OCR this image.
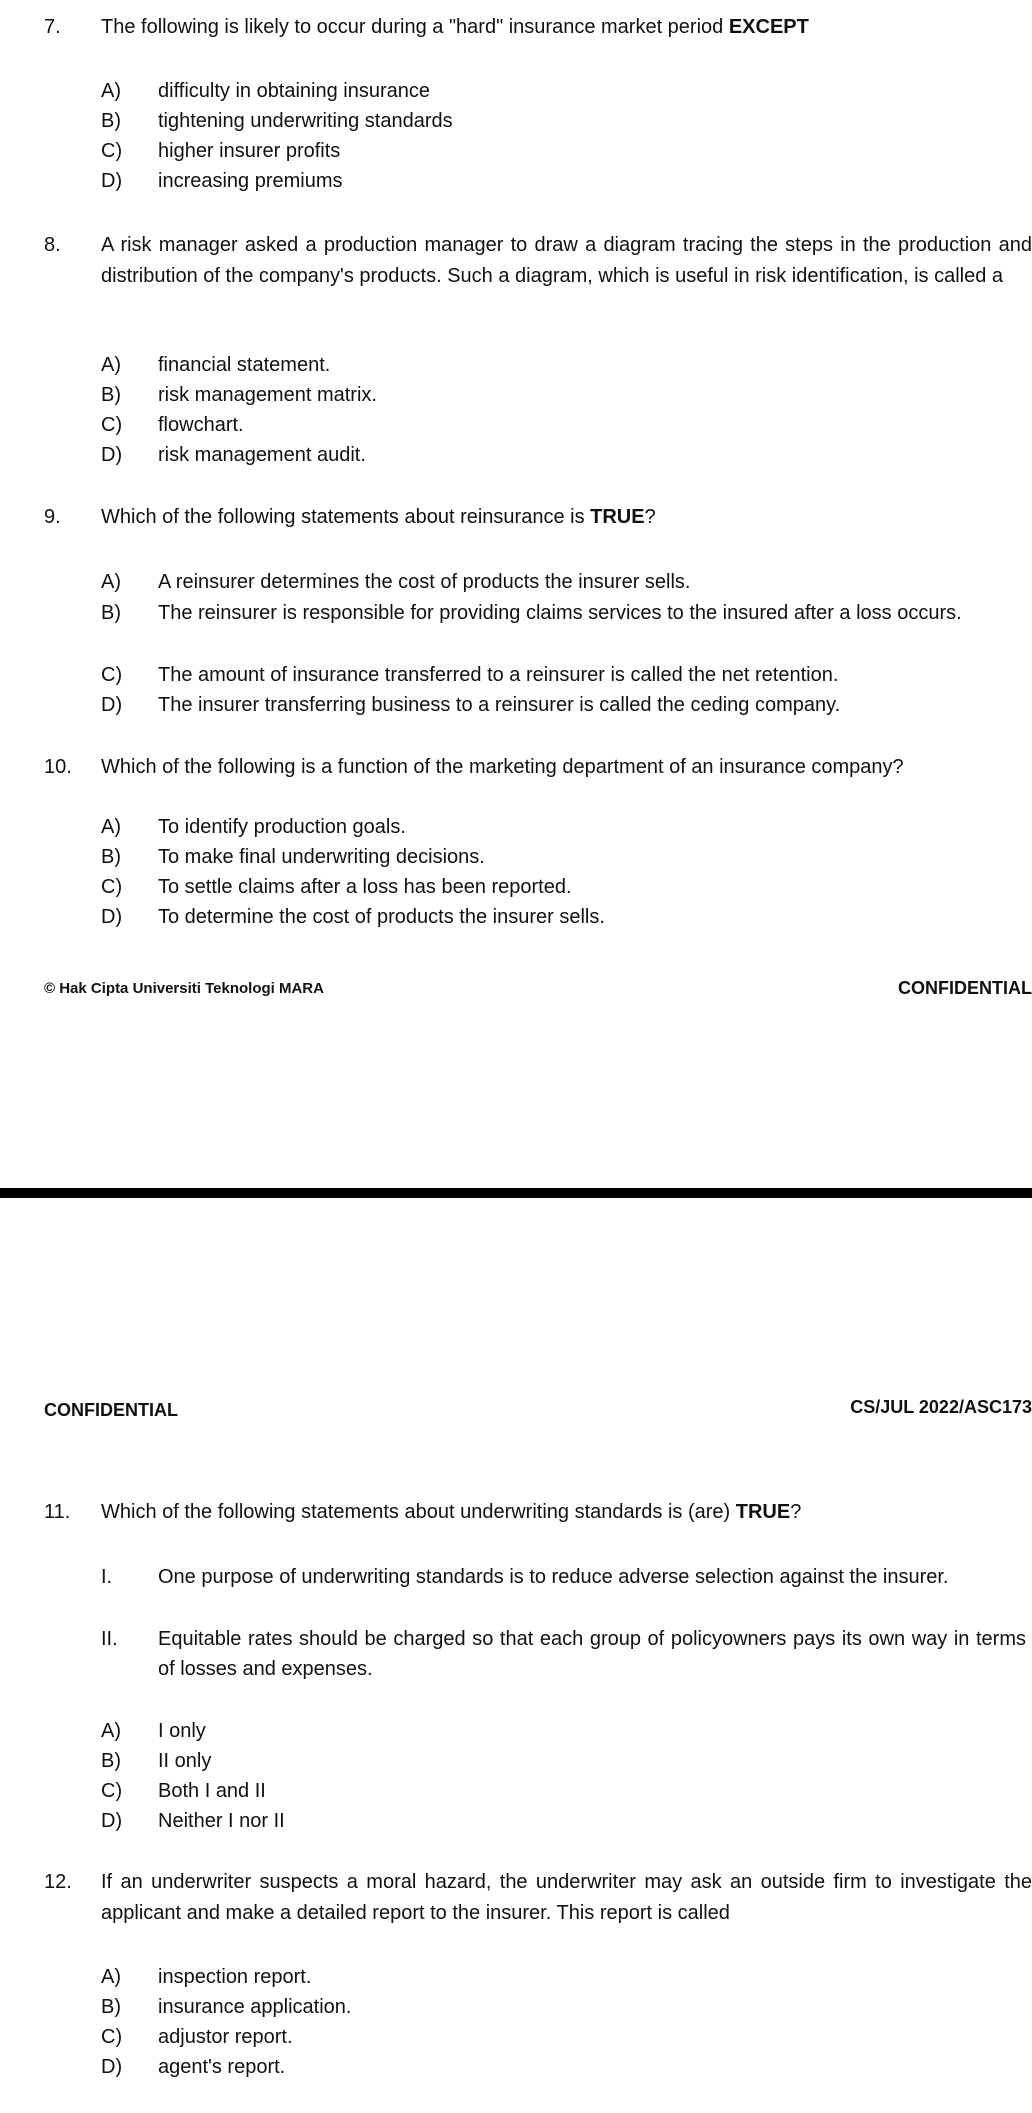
7. The following is likely to occur during a "hard" insurance market period EXCEPT
A) difficulty in obtaining insurance
B) tightening underwriting standards
C) higher insurer profits
D) increasing premiums
8. A risk manager asked a production manager to draw a diagram tracing the steps in the production and distribution of the company's products. Such a diagram, which is useful in risk identification, is called a
A) financial statement.
B) risk management matrix.
C) flowchart.
D) risk management audit.
9. Which of the following statements about reinsurance is TRUE?
A) A reinsurer determines the cost of products the insurer sells.
B) The reinsurer is responsible for providing claims services to the insured after a loss occurs.
C) The amount of insurance transferred to a reinsurer is called the net retention.
D) The insurer transferring business to a reinsurer is called the ceding company.
10. Which of the following is a function of the marketing department of an insurance company?
A) To identify production goals.
B) To make final underwriting decisions.
C) To settle claims after a loss has been reported.
D) To determine the cost of products the insurer sells.
© Hak Cipta Universiti Teknologi MARA	CONFIDENTIAL
CONFIDENTIAL	CS/JUL 2022/ASC173
11. Which of the following statements about underwriting standards is (are) TRUE?
I. One purpose of underwriting standards is to reduce adverse selection against the insurer.
II. Equitable rates should be charged so that each group of policyowners pays its own way in terms of losses and expenses.
A) I only
B) II only
C) Both I and II
D) Neither I nor II
12. If an underwriter suspects a moral hazard, the underwriter may ask an outside firm to investigate the applicant and make a detailed report to the insurer. This report is called
A) inspection report.
B) insurance application.
C) adjustor report.
D) agent's report.
